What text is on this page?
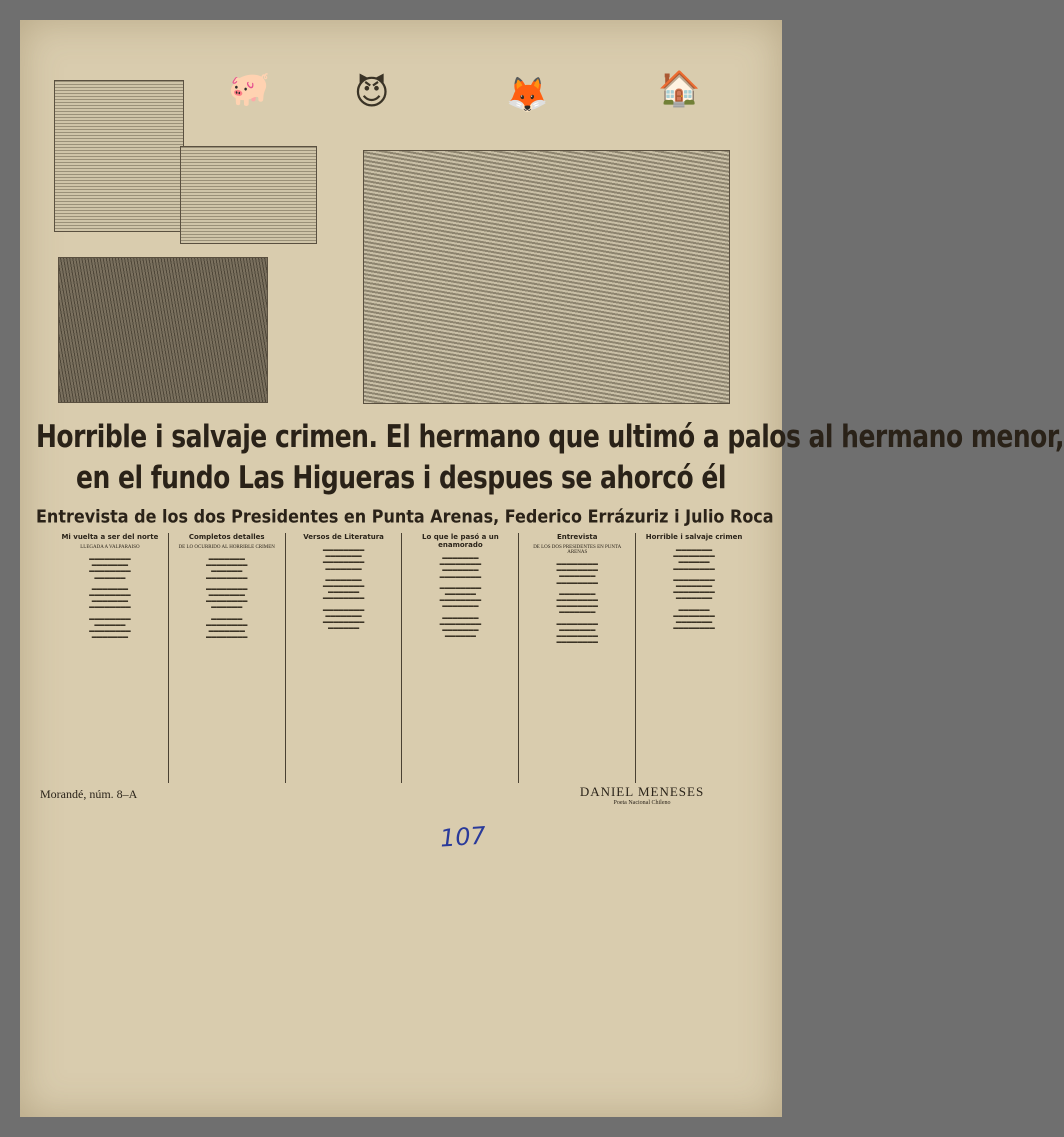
🐖 😈	🦊	🏠
Horrible i salvaje crimen. El hermano que ultimó a palos al hermano menor,
en el fundo Las Higueras i despues se ahorcó él
Entrevista de los dos Presidentes en Punta Arenas, Federico Errázuriz i Julio Roca
Mi vuelta a ser del norte
LLEGADA A VALPARAISO
▬▬▬▬▬▬▬▬
▬▬▬▬▬▬▬
▬▬▬▬▬▬▬▬
▬▬▬▬▬▬
▬▬▬▬▬▬▬
▬▬▬▬▬▬▬▬
▬▬▬▬▬▬▬
▬▬▬▬▬▬▬▬
▬▬▬▬▬▬▬▬
▬▬▬▬▬▬
▬▬▬▬▬▬▬▬
▬▬▬▬▬▬▬
Completos detalles
DE LO OCURRIDO AL HORRIBLE CRIMEN
▬▬▬▬▬▬▬
▬▬▬▬▬▬▬▬
▬▬▬▬▬▬
▬▬▬▬▬▬▬▬
▬▬▬▬▬▬▬▬
▬▬▬▬▬▬▬
▬▬▬▬▬▬▬▬
▬▬▬▬▬▬
▬▬▬▬▬▬
▬▬▬▬▬▬▬▬
▬▬▬▬▬▬▬
▬▬▬▬▬▬▬▬
Versos de Literatura
▬▬▬▬▬▬▬▬
▬▬▬▬▬▬▬
▬▬▬▬▬▬▬▬
▬▬▬▬▬▬▬
▬▬▬▬▬▬▬
▬▬▬▬▬▬▬▬
▬▬▬▬▬▬
▬▬▬▬▬▬▬▬
▬▬▬▬▬▬▬▬
▬▬▬▬▬▬▬
▬▬▬▬▬▬▬▬
▬▬▬▬▬▬
Lo que le pasó a un enamorado
▬▬▬▬▬▬▬
▬▬▬▬▬▬▬▬
▬▬▬▬▬▬▬
▬▬▬▬▬▬▬▬
▬▬▬▬▬▬▬▬
▬▬▬▬▬▬
▬▬▬▬▬▬▬▬
▬▬▬▬▬▬▬
▬▬▬▬▬▬▬
▬▬▬▬▬▬▬▬
▬▬▬▬▬▬▬
▬▬▬▬▬▬
Entrevista
DE LOS DOS PRESIDENTES EN PUNTA ARENAS
▬▬▬▬▬▬▬▬
▬▬▬▬▬▬▬▬
▬▬▬▬▬▬▬
▬▬▬▬▬▬▬▬
▬▬▬▬▬▬▬
▬▬▬▬▬▬▬▬
▬▬▬▬▬▬▬▬
▬▬▬▬▬▬▬
▬▬▬▬▬▬▬▬
▬▬▬▬▬▬▬
▬▬▬▬▬▬▬▬
▬▬▬▬▬▬▬▬
Horrible i salvaje crimen
▬▬▬▬▬▬▬
▬▬▬▬▬▬▬▬
▬▬▬▬▬▬
▬▬▬▬▬▬▬▬
▬▬▬▬▬▬▬▬
▬▬▬▬▬▬▬
▬▬▬▬▬▬▬▬
▬▬▬▬▬▬▬
▬▬▬▬▬▬
▬▬▬▬▬▬▬▬
▬▬▬▬▬▬▬
▬▬▬▬▬▬▬▬
Morandé, núm. 8–A	DANIEL MENESES
Poeta Nacional Chileno
107
